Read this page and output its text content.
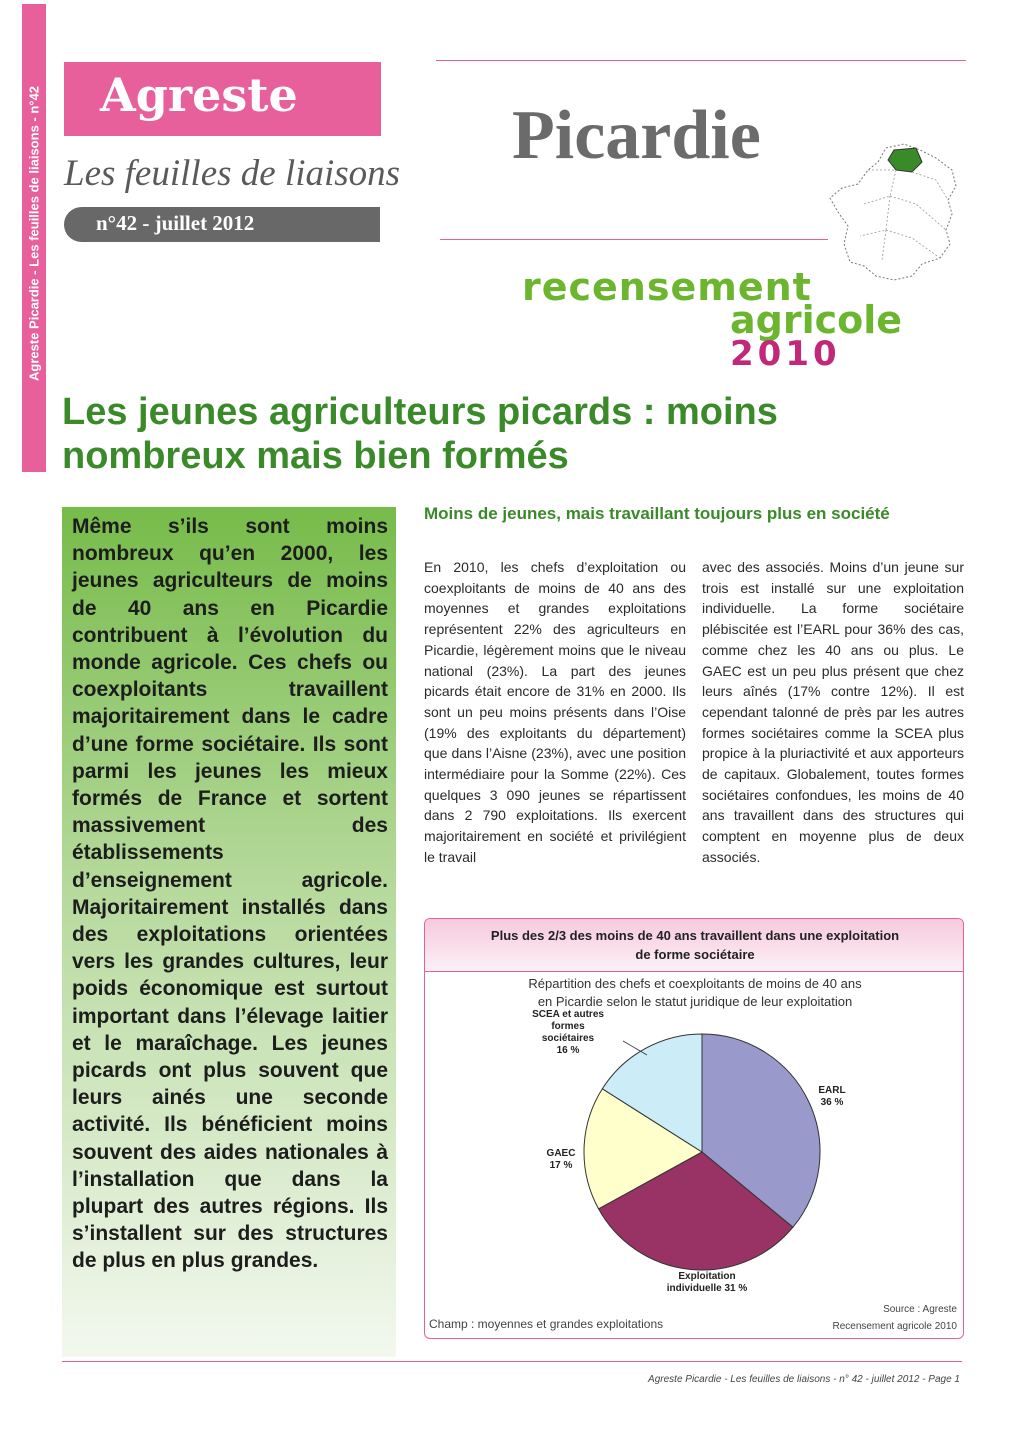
Agreste Picardie - Les feuilles de liaisons - n°42 Agreste
Les feuilles de liaisons
n°42 - juillet 2012
Picardie
recensement
agricole
2010
Les jeunes agriculteurs picards : moins nombreux mais bien formés

Même s’ils sont moins nombreux qu’en 2000, les jeunes agriculteurs de moins de 40 ans en Picardie contribuent à l’évolution du monde agricole. Ces chefs ou coexploitants travaillent majoritairement dans le cadre d’une forme sociétaire. Ils sont parmi les jeunes les mieux formés de France et sortent massivement des établissements d’enseignement agricole. Majoritairement installés dans des exploitations orientées vers les grandes cultures, leur poids économique est surtout important dans l’élevage laitier et le maraîchage. Les jeunes picards ont plus souvent que leurs ainés une seconde activité. Ils bénéficient moins souvent des aides nationales à l’installation que dans la plupart des autres régions. Ils s’installent sur des structures de plus en plus grandes.

Moins de jeunes, mais travaillant toujours plus en société

En 2010, les chefs d’exploitation ou coexploitants de moins de 40 ans des moyennes et grandes exploitations représentent 22% des agriculteurs en Picardie, légèrement moins que le niveau national (23%). La part des jeunes picards était encore de 31% en 2000. Ils sont un peu moins présents dans l’Oise (19% des exploitants du département) que dans l’Aisne (23%), avec une position intermédiaire pour la Somme (22%). Ces quelques 3 090 jeunes se répartissent dans 2 790 exploitations. Ils exercent majoritairement en société et privilégient le travail

avec des associés. Moins d’un jeune sur trois est installé sur une exploitation individuelle. La forme sociétaire plébiscitée est l’EARL pour 36% des cas, comme chez les 40 ans ou plus. Le GAEC est un peu plus présent que chez leurs aînés (17% contre 12%). Il est cependant talonné de près par les autres formes sociétaires comme la SCEA plus propice à la pluriactivité et aux apporteurs de capitaux. Globalement, toutes formes sociétaires confondues, les moins de 40 ans travaillent dans des structures qui comptent en moyenne plus de deux associés.

Plus des 2/3 des moins de 40 ans travaillent dans une exploitation
de forme sociétaire
Répartition des chefs et coexploitants de moins de 40 ans
en Picardie selon le statut juridique de leur exploitation
EARL 36 %
Exploitation individuelle 31 %
GAEC 17 %
SCEA et autres formes sociétaires 16 %
Champ : moyennes et grandes exploitations
Source : Agreste
Recensement agricole 2010
Agreste Picardie - Les feuilles de liaisons - n° 42 - juillet 2012 - Page 1
